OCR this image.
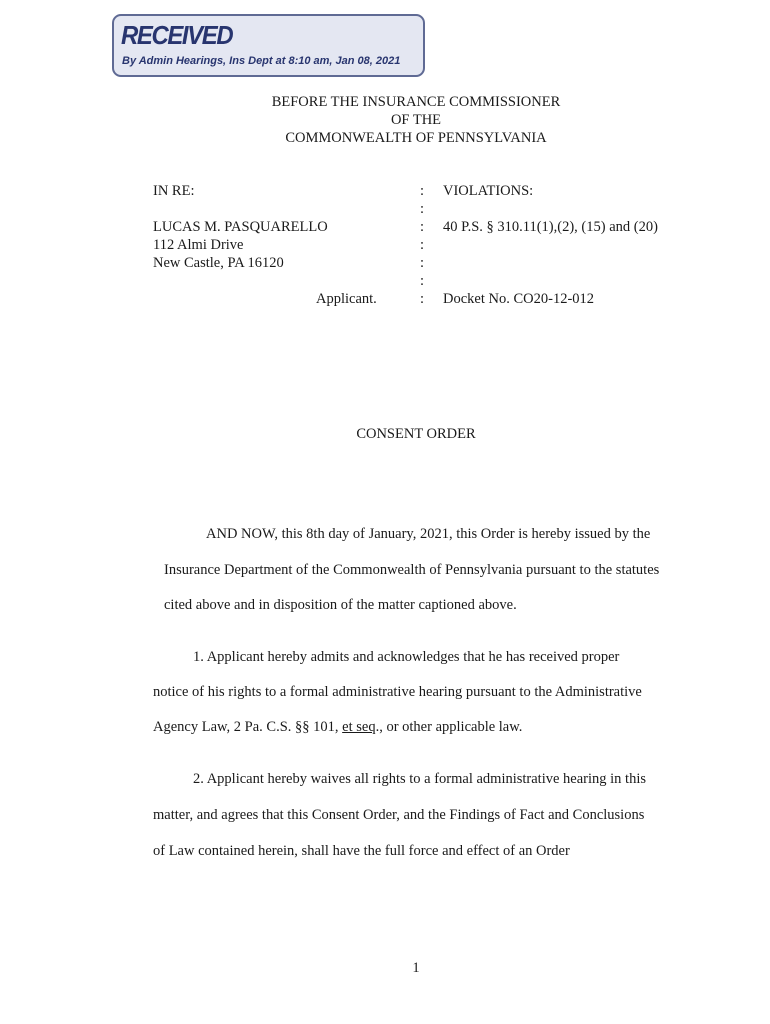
RECEIVED
By Admin Hearings, Ins Dept at 8:10 am, Jan 08, 2021
BEFORE THE INSURANCE COMMISSIONER
OF THE
COMMONWEALTH OF PENNSYLVANIA
IN RE:
LUCAS M. PASQUARELLO
112 Almi Drive
New Castle, PA 16120
Applicant.
:
:
:
:
:
:
:
VIOLATIONS:
40 P.S. § 310.11(1),(2), (15) and (20)
Docket No. CO20-12-012
CONSENT ORDER
AND NOW, this 8th day of January, 2021, this Order is hereby issued by the
Insurance Department of the Commonwealth of Pennsylvania pursuant to the statutes
cited above and in disposition of the matter captioned above.
1. Applicant hereby admits and acknowledges that he has received proper
notice of his rights to a formal administrative hearing pursuant to the Administrative
Agency Law, 2 Pa. C.S. §§ 101, et seq., or other applicable law.
2. Applicant hereby waives all rights to a formal administrative hearing in this
matter, and agrees that this Consent Order, and the Findings of Fact and Conclusions
of Law contained herein, shall have the full force and effect of an Order
1
